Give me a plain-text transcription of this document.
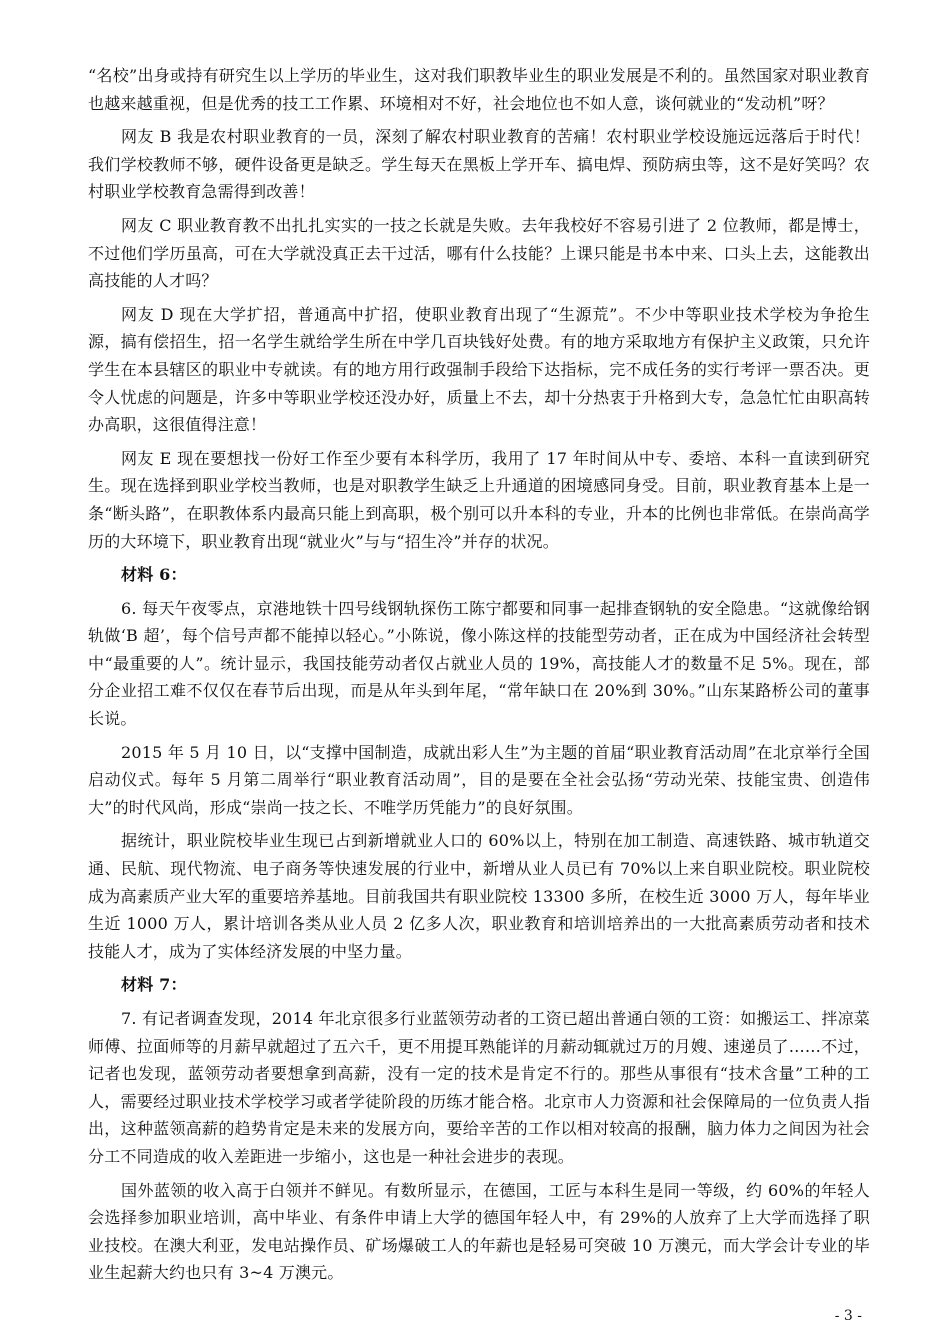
“名校”出身或持有研究生以上学历的毕业生，这对我们职教毕业生的职业发展是不利的。虽然国家对职业教育也越来越重视，但是优秀的技工工作累、环境相对不好，社会地位也不如人意，谈何就业的“发动机”呀？

网友 B 我是农村职业教育的一员，深刻了解农村职业教育的苦痛！农村职业学校设施远远落后于时代！我们学校教师不够，硬件设备更是缺乏。学生每天在黑板上学开车、搞电焊、预防病虫等，这不是好笑吗？农村职业学校教育急需得到改善！

网友 C 职业教育教不出扎扎实实的一技之长就是失败。去年我校好不容易引进了 2 位教师，都是博士，不过他们学历虽高，可在大学就没真正去干过活，哪有什么技能？上课只能是书本中来、口头上去，这能教出高技能的人才吗？

网友 D 现在大学扩招，普通高中扩招，使职业教育出现了“生源荒”。不少中等职业技术学校为争抢生源，搞有偿招生，招一名学生就给学生所在中学几百块钱好处费。有的地方采取地方有保护主义政策，只允许学生在本县辖区的职业中专就读。有的地方用行政强制手段给下达指标，完不成任务的实行考评一票否决。更令人忧虑的问题是，许多中等职业学校还没办好，质量上不去，却十分热衷于升格到大专，急急忙忙由职高转办高职，这很值得注意！

网友 E 现在要想找一份好工作至少要有本科学历，我用了 17 年时间从中专、委培、本科一直读到研究生。现在选择到职业学校当教师，也是对职教学生缺乏上升通道的困境感同身受。目前，职业教育基本上是一条“断头路”，在职教体系内最高只能上到高职，极个别可以升本科的专业，升本的比例也非常低。在崇尚高学历的大环境下，职业教育出现“就业火”与与“招生冷”并存的状况。

材料 6：

6. 每天午夜零点，京港地铁十四号线钢轨探伤工陈宁都要和同事一起排查钢轨的安全隐患。“这就像给钢轨做‘B 超’，每个信号声都不能掉以轻心。”小陈说，像小陈这样的技能型劳动者，正在成为中国经济社会转型中“最重要的人”。统计显示，我国技能劳动者仅占就业人员的 19%，高技能人才的数量不足 5%。现在，部分企业招工难不仅仅在春节后出现，而是从年头到年尾，“常年缺口在 20%到 30%。”山东某路桥公司的董事长说。

2015 年 5 月 10 日，以“支撑中国制造，成就出彩人生”为主题的首届“职业教育活动周”在北京举行全国启动仪式。每年 5 月第二周举行“职业教育活动周”，目的是要在全社会弘扬“劳动光荣、技能宝贵、创造伟大”的时代风尚，形成“崇尚一技之长、不唯学历凭能力”的良好氛围。

据统计，职业院校毕业生现已占到新增就业人口的 60%以上，特别在加工制造、高速铁路、城市轨道交通、民航、现代物流、电子商务等快速发展的行业中，新增从业人员已有 70%以上来自职业院校。职业院校成为高素质产业大军的重要培养基地。目前我国共有职业院校 13300 多所，在校生近 3000 万人，每年毕业生近 1000 万人，累计培训各类从业人员 2 亿多人次，职业教育和培训培养出的一大批高素质劳动者和技术技能人才，成为了实体经济发展的中坚力量。

材料 7：

7. 有记者调查发现，2014 年北京很多行业蓝领劳动者的工资已超出普通白领的工资：如搬运工、拌凉菜师傅、拉面师等的月薪早就超过了五六千，更不用提耳熟能详的月薪动辄就过万的月嫂、速递员了……不过，记者也发现，蓝领劳动者要想拿到高薪，没有一定的技术是肯定不行的。那些从事很有“技术含量”工种的工人，需要经过职业技术学校学习或者学徒阶段的历练才能合格。北京市人力资源和社会保障局的一位负责人指出，这种蓝领高薪的趋势肯定是未来的发展方向，要给辛苦的工作以相对较高的报酬，脑力体力之间因为社会分工不同造成的收入差距进一步缩小，这也是一种社会进步的表现。

国外蓝领的收入高于白领并不鲜见。有数所显示，在德国，工匠与本科生是同一等级，约 60%的年轻人会选择参加职业培训，高中毕业、有条件申请上大学的德国年轻人中，有 29%的人放弃了上大学而选择了职业技校。在澳大利亚，发电站操作员、矿场爆破工人的年薪也是轻易可突破 10 万澳元，而大学会计专业的毕业生起薪大约也只有 3~4 万澳元。

- 3 -
